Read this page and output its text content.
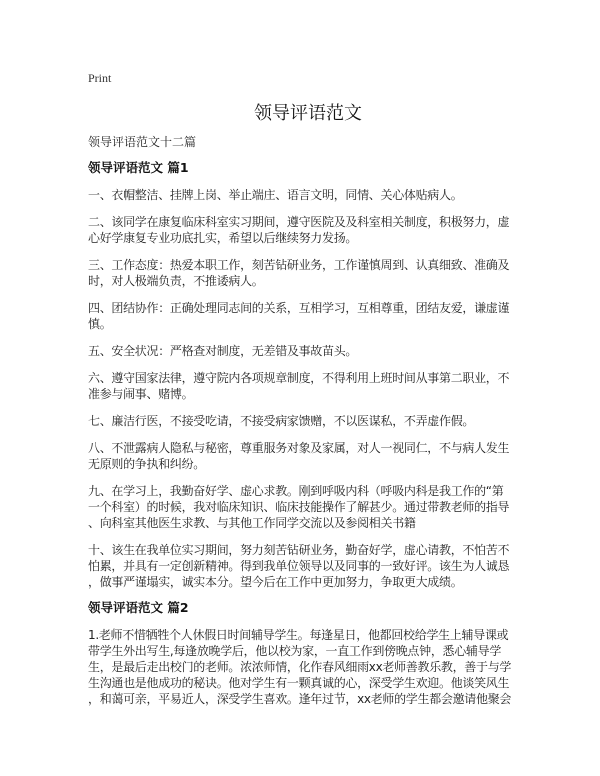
Print
领导评语范文
领导评语范文十二篇
领导评语范文 篇1
一、衣帽整洁、挂牌上岗、举止端庄、语言文明，同情、关心体贴病人。
二、该同学在康复临床科室实习期间，遵守医院及及科室相关制度，积极努力，虚
心好学康复专业功底扎实，希望以后继续努力发扬。
三、工作态度：热爱本职工作，刻苦钻研业务，工作谨慎周到、认真细致、准确及
时，对人极端负责，不推诿病人。
四、团结协作：正确处理同志间的关系，互相学习，互相尊重，团结友爱，谦虚谨
慎。
五、安全状况：严格查对制度，无差错及事故苗头。
六、遵守国家法律，遵守院内各项规章制度，不得利用上班时间从事第二职业，不
准参与闹事、赌博。
七、廉洁行医，不接受吃请，不接受病家馈赠，不以医谋私，不弄虚作假。
八、不泄露病人隐私与秘密，尊重服务对象及家属，对人一视同仁，不与病人发生
无原则的争执和纠纷。
九、在学习上，我勤奋好学、虚心求教。刚到呼吸内科（呼吸内科是我工作的“第
一个科室）的时候，我对临床知识、临床技能操作了解甚少。通过带教老师的指导
、向科室其他医生求教、与其他工作同学交流以及参阅相关书籍
十、该生在我单位实习期间，努力刻苦钻研业务，勤奋好学，虚心请教，不怕苦不
怕累，并具有一定创新精神。得到我单位领导以及同事的一致好评。该生为人诚恳
，做事严谨塌实，诚实本分。望今后在工作中更加努力，争取更大成绩。
领导评语范文 篇2
1.老师不惜牺牲个人休假日时间辅导学生。每逢星日，他都回校给学生上辅导课或
带学生外出写生,每逢放晚学后，他以校为家，一直工作到傍晚点钟，悉心辅导学
生，是最后走出校门的老师。浓浓师情，化作春风细雨xx老师善教乐教，善于与学
生沟通也是他成功的秘诀。他对学生有一颗真诚的心，深受学生欢迎。他谈笑风生
，和蔼可亲，平易近人，深受学生喜欢。逢年过节，xx老师的学生都会邀请他聚会
